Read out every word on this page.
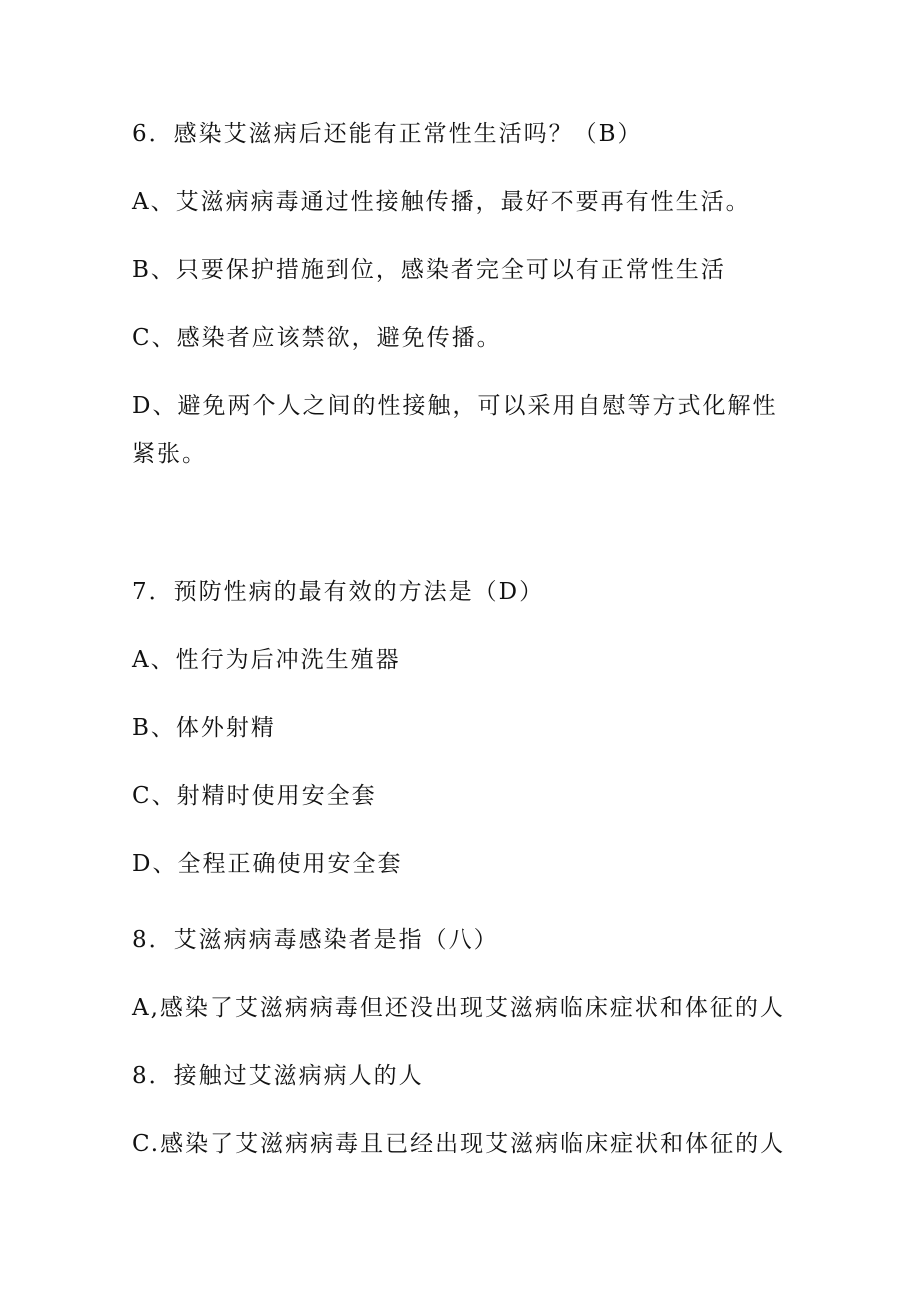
6．感染艾滋病后还能有正常性生活吗？（B）
A、艾滋病病毒通过性接触传播，最好不要再有性生活。
B、只要保护措施到位，感染者完全可以有正常性生活
C、感染者应该禁欲，避免传播。
D、避免两个人之间的性接触，可以采用自慰等方式化解性紧张。
7．预防性病的最有效的方法是（D）
A、性行为后冲洗生殖器
B、体外射精
C、射精时使用安全套
D、全程正确使用安全套
8．艾滋病病毒感染者是指（八）
A,感染了艾滋病病毒但还没出现艾滋病临床症状和体征的人
8．接触过艾滋病病人的人
C.感染了艾滋病病毒且已经出现艾滋病临床症状和体征的人
